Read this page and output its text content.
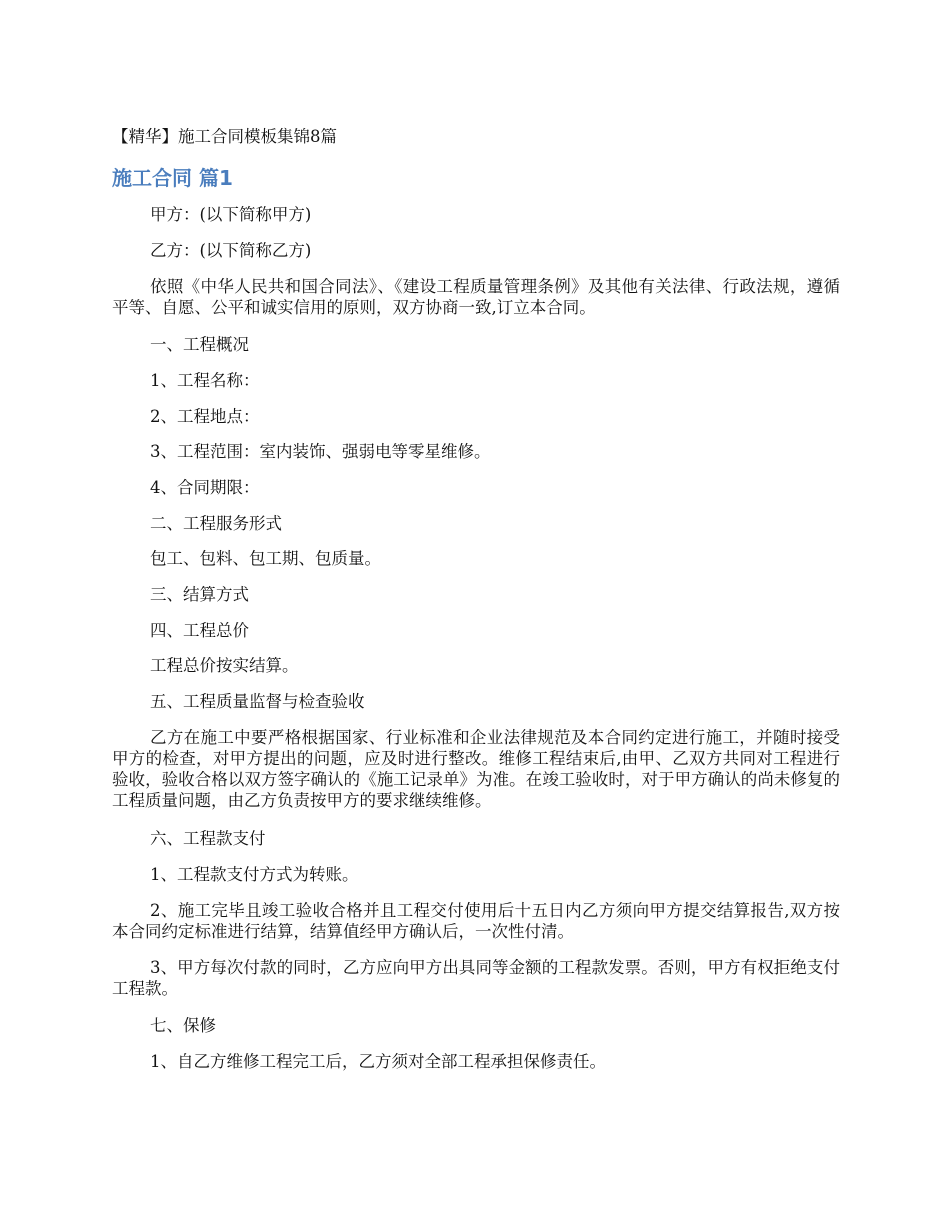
【精华】施工合同模板集锦8篇
施工合同 篇1

甲方：(以下简称甲方)

乙方：(以下简称乙方)

依照《中华人民共和国合同法》、《建设工程质量管理条例》及其他有关法律、行政法规，遵循平等、自愿、公平和诚实信用的原则，双方协商一致,订立本合同。

一、工程概况

1、工程名称：

2、工程地点：

3、工程范围：室内装饰、强弱电等零星维修。

4、合同期限：

二、工程服务形式

包工、包料、包工期、包质量。

三、结算方式

四、工程总价

工程总价按实结算。

五、工程质量监督与检查验收

乙方在施工中要严格根据国家、行业标准和企业法律规范及本合同约定进行施工，并随时接受甲方的检查，对甲方提出的问题，应及时进行整改。维修工程结束后,由甲、乙双方共同对工程进行验收，验收合格以双方签字确认的《施工记录单》为准。在竣工验收时，对于甲方确认的尚未修复的工程质量问题，由乙方负责按甲方的要求继续维修。

六、工程款支付

1、工程款支付方式为转账。

2、施工完毕且竣工验收合格并且工程交付使用后十五日内乙方须向甲方提交结算报告,双方按本合同约定标准进行结算，结算值经甲方确认后，一次性付清。

3、甲方每次付款的同时，乙方应向甲方出具同等金额的工程款发票。否则，甲方有权拒绝支付工程款。

七、保修

1、自乙方维修工程完工后，乙方须对全部工程承担保修责任。
